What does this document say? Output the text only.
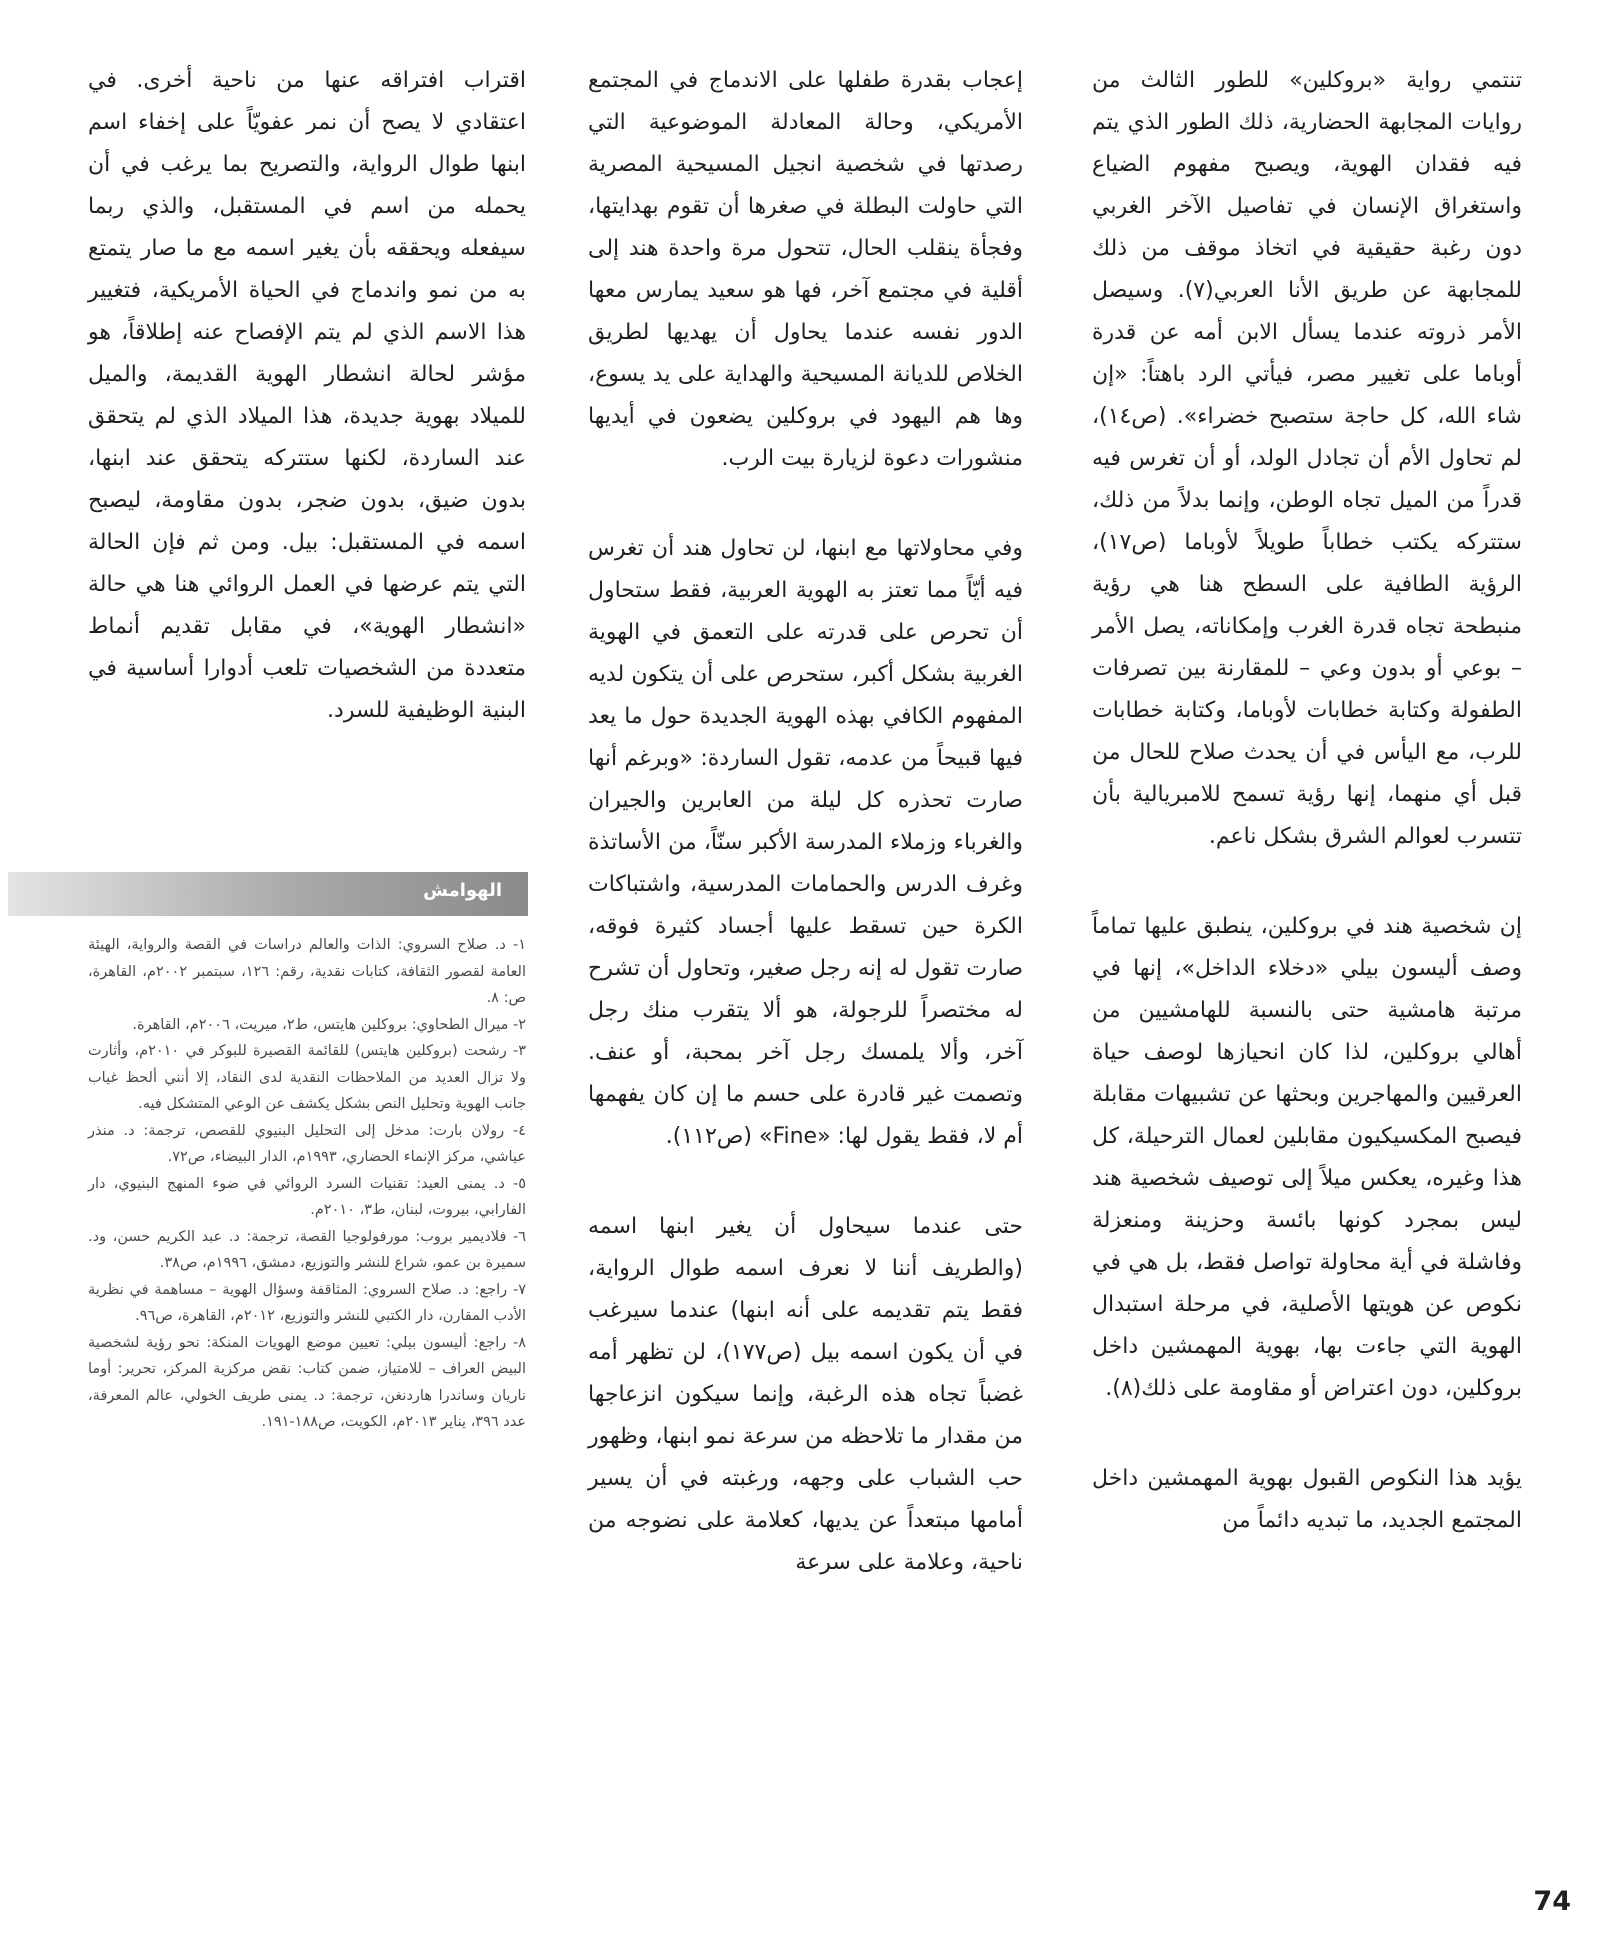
تنتمي رواية «بروكلين» للطور الثالث من روايات المجابهة الحضارية، ذلك الطور الذي يتم فيه فقدان الهوية، ويصبح مفهوم الضياع واستغراق الإنسان في تفاصيل الآخر الغربي دون رغبة حقيقية في اتخاذ موقف من ذلك للمجابهة عن طريق الأنا العربي(٧). وسيصل الأمر ذروته عندما يسأل الابن أمه عن قدرة أوباما على تغيير مصر، فيأتي الرد باهتاً: «إن شاء الله، كل حاجة ستصبح خضراء». (ص١٤)، لم تحاول الأم أن تجادل الولد، أو أن تغرس فيه قدراً من الميل تجاه الوطن، وإنما بدلاً من ذلك، ستتركه يكتب خطاباً طويلاً لأوباما (ص١٧)، الرؤية الطافية على السطح هنا هي رؤية منبطحة تجاه قدرة الغرب وإمكاناته، يصل الأمر – بوعي أو بدون وعي – للمقارنة بين تصرفات الطفولة وكتابة خطابات لأوباما، وكتابة خطابات للرب، مع اليأس في أن يحدث صلاح للحال من قبل أي منهما، إنها رؤية تسمح للامبريالية بأن تتسرب لعوالم الشرق بشكل ناعم.

إن شخصية هند في بروكلين، ينطبق عليها تماماً وصف أليسون بيلي «دخلاء الداخل»، إنها في مرتبة هامشية حتى بالنسبة للهامشيين من أهالي بروكلين، لذا كان انحيازها لوصف حياة العرقيين والمهاجرين وبحثها عن تشبيهات مقابلة فيصبح المكسيكيون مقابلين لعمال الترحيلة، كل هذا وغيره، يعكس ميلاً إلى توصيف شخصية هند ليس بمجرد كونها بائسة وحزينة ومنعزلة وفاشلة في أية محاولة تواصل فقط، بل هي في نكوص عن هويتها الأصلية، في مرحلة استبدال الهوية التي جاءت بها، بهوية المهمشين داخل بروكلين، دون اعتراض أو مقاومة على ذلك(٨).

يؤيد هذا النكوص القبول بهوية المهمشين داخل المجتمع الجديد، ما تبديه دائماً من

إعجاب بقدرة طفلها على الاندماج في المجتمع الأمريكي، وحالة المعادلة الموضوعية التي رصدتها في شخصية انجيل المسيحية المصرية التي حاولت البطلة في صغرها أن تقوم بهدايتها، وفجأة ينقلب الحال، تتحول مرة واحدة هند إلى أقلية في مجتمع آخر، فها هو سعيد يمارس معها الدور نفسه عندما يحاول أن يهديها لطريق الخلاص للديانة المسيحية والهداية على يد يسوع، وها هم اليهود في بروكلين يضعون في أيديها منشورات دعوة لزيارة بيت الرب.

وفي محاولاتها مع ابنها، لن تحاول هند أن تغرس فيه أيّاً مما تعتز به الهوية العربية، فقط ستحاول أن تحرص على قدرته على التعمق في الهوية الغربية بشكل أكبر، ستحرص على أن يتكون لديه المفهوم الكافي بهذه الهوية الجديدة حول ما يعد فيها قبيحاً من عدمه، تقول الساردة: «وبرغم أنها صارت تحذره كل ليلة من العابرين والجيران والغرباء وزملاء المدرسة الأكبر سنّاً، من الأساتذة وغرف الدرس والحمامات المدرسية، واشتباكات الكرة حين تسقط عليها أجساد كثيرة فوقه، صارت تقول له إنه رجل صغير، وتحاول أن تشرح له مختصراً للرجولة، هو ألا يتقرب منك رجل آخر، وألا يلمسك رجل آخر بمحبة، أو عنف. وتصمت غير قادرة على حسم ما إن كان يفهمها أم لا، فقط يقول لها: «Fine» (ص١١٢).

حتى عندما سيحاول أن يغير ابنها اسمه (والطريف أننا لا نعرف اسمه طوال الرواية، فقط يتم تقديمه على أنه ابنها) عندما سيرغب في أن يكون اسمه بيل (ص١٧٧)، لن تظهر أمه غضباً تجاه هذه الرغبة، وإنما سيكون انزعاجها من مقدار ما تلاحظه من سرعة نمو ابنها، وظهور حب الشباب على وجهه، ورغبته في أن يسير أمامها مبتعداً عن يديها، كعلامة على نضوجه من ناحية، وعلامة على سرعة

اقتراب افتراقه عنها من ناحية أخرى. في اعتقادي لا يصح أن نمر عفويّاً على إخفاء اسم ابنها طوال الرواية، والتصريح بما يرغب في أن يحمله من اسم في المستقبل، والذي ربما سيفعله ويحققه بأن يغير اسمه مع ما صار يتمتع به من نمو واندماج في الحياة الأمريكية، فتغيير هذا الاسم الذي لم يتم الإفصاح عنه إطلاقاً، هو مؤشر لحالة انشطار الهوية القديمة، والميل للميلاد بهوية جديدة، هذا الميلاد الذي لم يتحقق عند الساردة، لكنها ستتركه يتحقق عند ابنها، بدون ضيق، بدون ضجر، بدون مقاومة، ليصبح اسمه في المستقبل: بيل. ومن ثم فإن الحالة التي يتم عرضها في العمل الروائي هنا هي حالة «انشطار الهوية»، في مقابل تقديم أنماط متعددة من الشخصيات تلعب أدوارا أساسية في البنية الوظيفية للسرد.

الهوامش

١- د. صلاح السروي: الذات والعالم دراسات في القصة والرواية، الهيئة العامة لقصور الثقافة، كتابات نقدية، رقم: ١٢٦، سبتمبر ٢٠٠٢م، القاهرة، ص: ٨.

٢- ميرال الطحاوي: بروكلين هايتس، ط٢، ميريت، ٢٠٠٦م، القاهرة.

٣- رشحت (بروكلين هايتس) للقائمة القصيرة للبوكر في ٢٠١٠م، وأثارت ولا تزال العديد من الملاحظات النقدية لدى النقاد، إلا أنني ألحظ غياب جانب الهوية وتحليل النص بشكل يكشف عن الوعي المتشكل فيه.

٤- رولان بارت: مدخل إلى التحليل البنيوي للقصص، ترجمة: د. منذر عياشي، مركز الإنماء الحضاري، ١٩٩٣م، الدار البيضاء، ص٧٢.

٥- د. يمنى العيد: تقنيات السرد الروائي في ضوء المنهج البنيوي، دار الفارابي، بيروت، لبنان، ط٣، ٢٠١٠م.

٦- فلاديمير بروب: مورفولوجيا القصة، ترجمة: د. عبد الكريم حسن، ود. سميرة بن عمو، شراع للنشر والتوزيع، دمشق، ١٩٩٦م، ص٣٨.

٧- راجع: د. صلاح السروي: المثاقفة وسؤال الهوية – مساهمة في نظرية الأدب المقارن، دار الكتبي للنشر والتوزيع، ٢٠١٢م، القاهرة، ص٩٦.

٨- راجع: أليسون بيلي: تعيين موضع الهويات المنكة: نحو رؤية لشخصية البيض العراف – للامتياز، ضمن كتاب: نقض مركزية المركز، تحرير: أوما ناريان وساندرا هاردنغن، ترجمة: د. يمنى طريف الخولي، عالم المعرفة، عدد ٣٩٦، يناير ٢٠١٣م، الكويت، ص١٨٨-١٩١.

74
